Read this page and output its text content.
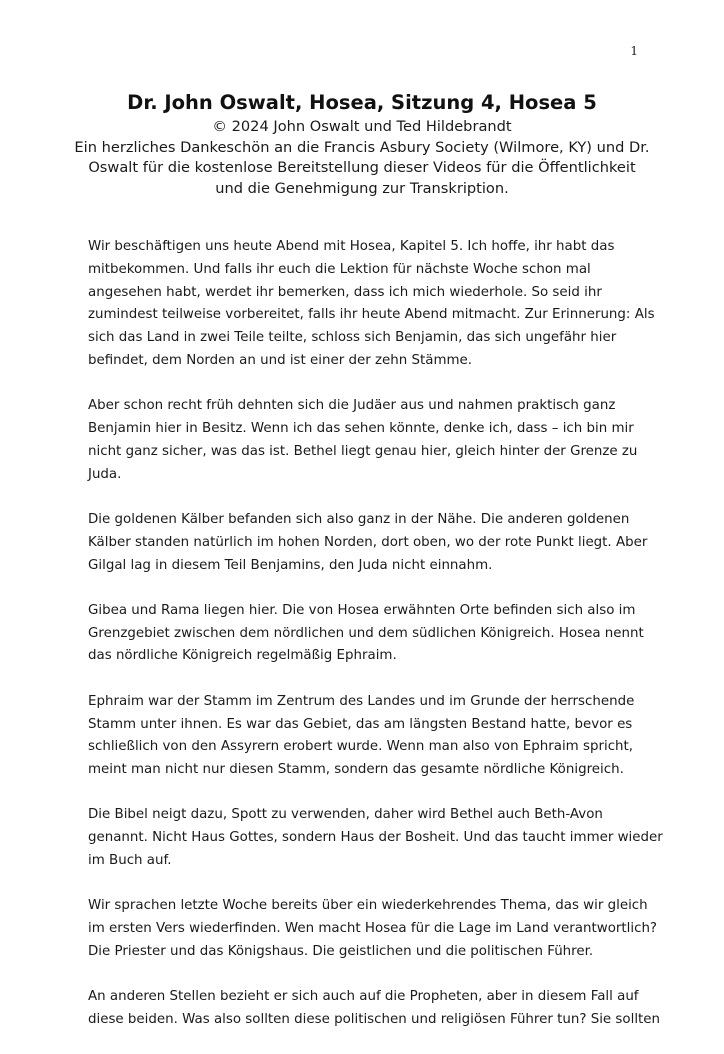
1

Dr. John Oswalt, Hosea, Sitzung 4, Hosea 5

© 2024 John Oswalt und Ted Hildebrandt

Ein herzliches Dankeschön an die Francis Asbury Society (Wilmore, KY) und Dr.

Oswalt für die kostenlose Bereitstellung dieser Videos für die Öffentlichkeit

und die Genehmigung zur Transkription.

Wir beschäftigen uns heute Abend mit Hosea, Kapitel 5. Ich hoffe, ihr habt das
mitbekommen. Und falls ihr euch die Lektion für nächste Woche schon mal
angesehen habt, werdet ihr bemerken, dass ich mich wiederhole. So seid ihr
zumindest teilweise vorbereitet, falls ihr heute Abend mitmacht. Zur Erinnerung: Als
sich das Land in zwei Teile teilte, schloss sich Benjamin, das sich ungefähr hier
befindet, dem Norden an und ist einer der zehn Stämme.

Aber schon recht früh dehnten sich die Judäer aus und nahmen praktisch ganz
Benjamin hier in Besitz. Wenn ich das sehen könnte, denke ich, dass – ich bin mir
nicht ganz sicher, was das ist. Bethel liegt genau hier, gleich hinter der Grenze zu
Juda.

Die goldenen Kälber befanden sich also ganz in der Nähe. Die anderen goldenen
Kälber standen natürlich im hohen Norden, dort oben, wo der rote Punkt liegt. Aber
Gilgal lag in diesem Teil Benjamins, den Juda nicht einnahm.

Gibea und Rama liegen hier. Die von Hosea erwähnten Orte befinden sich also im
Grenzgebiet zwischen dem nördlichen und dem südlichen Königreich. Hosea nennt
das nördliche Königreich regelmäßig Ephraim.

Ephraim war der Stamm im Zentrum des Landes und im Grunde der herrschende
Stamm unter ihnen. Es war das Gebiet, das am längsten Bestand hatte, bevor es
schließlich von den Assyrern erobert wurde. Wenn man also von Ephraim spricht,
meint man nicht nur diesen Stamm, sondern das gesamte nördliche Königreich.

Die Bibel neigt dazu, Spott zu verwenden, daher wird Bethel auch Beth-Avon
genannt. Nicht Haus Gottes, sondern Haus der Bosheit. Und das taucht immer wieder
im Buch auf.

Wir sprachen letzte Woche bereits über ein wiederkehrendes Thema, das wir gleich
im ersten Vers wiederfinden. Wen macht Hosea für die Lage im Land verantwortlich?
Die Priester und das Königshaus. Die geistlichen und die politischen Führer.

An anderen Stellen bezieht er sich auch auf die Propheten, aber in diesem Fall auf
diese beiden. Was also sollten diese politischen und religiösen Führer tun? Sie sollten
